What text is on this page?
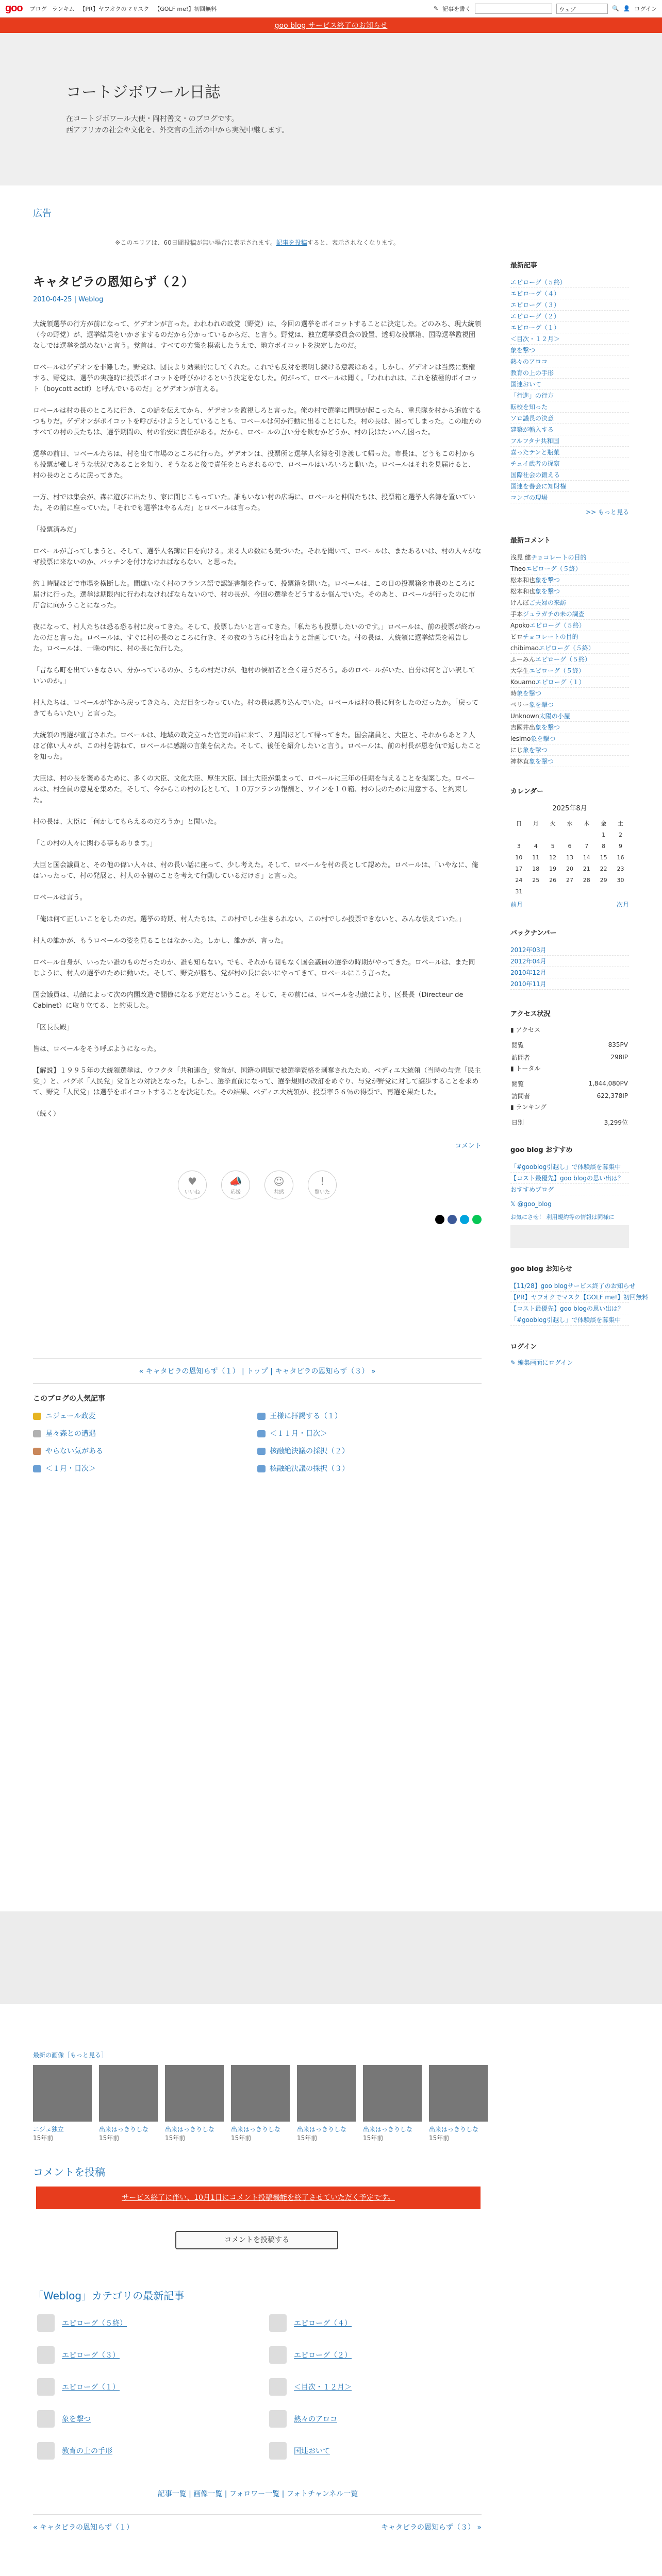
goo ブログ ランキム 【PR】ヤフオクのマリスク 【GOLF me!】初回無料	✎ 記事を書く	ウェブ	🔍 👤 ログイン
goo blog サービス終了のお知らせ
コートジボワール日誌
在コートジボワール大使・岡村善文・のブログです。
西アフリカの社会や文化を、外交官の生活の中から実況中継します。
広告
※このエリアは、60日間投稿が無い場合に表示されます。記事を投稿すると、表示されなくなります。
キャタピラの恩知らず（２）
2010-04-25 | Weblog

大統領選挙の行方が前になって、ゲデオンが言った。われわれの政党（野党）は、今回の選挙をボイコットすることに決定した。どのみち、現大統領（今の野党）が、選挙結果をいかさまするのだから分かっているからだ、と言う。野党は、独立選挙委員会の設置、透明な投票箱、国際選挙監視団なしでは選挙を認めないと言う。党首は、すべての方策を模索したうえで、地方ボイコットを決定したのだ。

ロベールはゲデオンを非難した。野党は、団長より効果的にしてくれた。これでも反対を表明し続ける意義はある。しかし、ゲデオンは当然に棄権する、野党は、選挙の実施時に投票ボイコットを呼びかけるという決定をなした。何がって、ロベールは聞く。「われわれは、これを積極的ボイコット（boycott actif）と呼んでいるのだ」とゲデオンが言える。

ロベールは村の長のところに行き、この話を伝えてから、ゲデオンを監視しろと言った。俺の村で選挙に問題が起こったら、重兵隊を村から追放するつもりだ。ゲデオンがボイコットを呼びかけようとしていることも、ロベールは何か行動に出ることにした。村の長は、困ってしまった。この地方のすべての村の長たちは、選挙期間の、村の治安に責任がある。だから、ロベールの言い分を飲むかどうか、村の長はたいへん困った。

選挙の前日、ロベールたちは、村を出て市場のところに行った。ゲデオンは、投票所と選挙人名簿を引き渡して帰った。市長は、どうもこの村からも投票が難しそうな状況であることを知り、そうなると後で責任をとらされるので、ロベールはいろいろと動いた。ロベールはそれを見届けると、村の長のところに戻ってきた。

一方、村では集会が、森に遊びに出たり、家に閉じこもっていた。誰もいない村の広場に、ロベールと仲間たちは、投票箱と選挙人名簿を置いていた。その前に座っていた。「それでも選挙はやるんだ」とロベールは言った。

「投票済みだ」

ロベールが言ってしまうと、そして、選挙人名簿に目を向ける。来る人の数にも気づいた。それを聞いて、ロベールは、またあるいは、村の人々がなぜ投票に来ないのか、パッチンを付けなければならない、と思った。

約１時間ほどで市場を横断した。間違いなく村のフランス語で認証書類を作って、投票箱を開いた。ロベールは、この日の投票箱を市長のところに届けに行った。選挙は期限内に行われなければならないので、村の長が、今回の選挙をどうするか悩んでいた。そのあと、ロベールが行ったのに市庁舎に向かうことになった。

夜になって、村人たちは恐る恐る村に戻ってきた。そして、投票したいと言ってきた。「私たちも投票したいのです。」ロベールは、前の投票が終わったのだと言った。ロベールは、すぐに村の長のところに行き、その夜のうちに村を出ようと計画していた。村の長は、大統領に選挙結果を報告した。ロベールは、一晩の内に、村の長に先行した。

「昔なら町を出ていきなさい、分かっているのか、うちの村だけが、他村の候補者と全く違うだろう。あのロベールがいた、自分は何と言い訳していいのか。」

村人たちは、ロベールが作から戻ってきたら、ただ目をつむっていた。村の長は黙り込んでいた。ロベールは村の長に何をしたのだったか。「戻ってきてもらいたい」と言った。

大統領の再選が宣言された。ロベールは、地域の政党立った官吏の前に来て、２週間ほどして帰ってきた。国会議員と、大臣と、それからあと２人ほど偉い人々が、この村を訪ねて、ロベールに感謝の言葉を伝えた。そして、後任を紹介したいと言う。ロベールは、前の村長が恩を仇で返したことを知った。

大臣は、村の長を褒めるために、多くの大臣、文化大臣、厚生大臣、国土大臣が集まって、ロベールに三年の任期を与えることを提案した。ロベールは、村全員の意見を集めた。そして、今からこの村の長として、１０万フランの報酬と、ワインを１０箱、村の長のために用意する、と約束した。

村の長は、大臣に「何かしてもらえるのだろうか」と聞いた。

「この村の人々に関わる事もあります。」

大臣と国会議員と、その他の偉い人々は、村の長い話に座って、少し考えた。そして、ロベールを村の長として認めた。ロベールは、「いやなに、俺はいったって、村の発展と、村人の幸福のことを考えて行動しているだけさ」と言った。

ロベールは言う。

「俺は何て正しいことをしたのだ。選挙の時期、村人たちは、この村でしか生きられない、この村でしか投票できないと、みんな怯えていた。」

村人の誰かが、もうロベールの姿を見ることはなかった。しかし、誰かが、言った。

ロベール自身が、いったい誰のものだったのか、誰も知らない。でも、それから間もなく国会議員の選挙の時期がやってきた。ロベールは、また同じように、村人の選挙のために動いた。そして、野党が勝ち、党が村の長に会いにやってきて、ロベールにこう言った。

国会議員は、功績によって次の内閣改造で閣僚になる予定だということ。そして、その前には、ロベールを功績により、区長長（Directeur de Cabinet）に取り立てる、と約束した。

「区長長殿」

皆は、ロベールをそう呼ぶようになった。

【解説】１９９５年の大統領選挙は、ウフクタ「共和連合」党首が、国籍の問題で被選挙資格を剥奪されたため、ベディエ大統領（当時の与党「民主党」）と、バグボ「人民党」党首との対決となった。しかし、選挙直前になって、選挙規則の改訂をめぐり、与党が野党に対して譲歩することを求めて、野党「人民党」は選挙をボイコットすることを決定した。その結果、ベディエ大統領が、投票率５６％の得票で、再選を果たした。

（続く）

コメント
♥
いいね
📣
応援
☺
共感
!
驚いた
« キャタピラの恩知らず（１） | トップ | キャタピラの恩知らず（３） »
このブログの人気記事
ニジェール政変	王様に拝謁する（１）
星々森との遭遇	＜１１月・目次＞
やらない気がある	核融絶決議の採択（２）
＜１月・目次＞	核融絶決議の採択（３）
最新記事
エピローグ（５終）
エピローグ（４）
エピローグ（３）
エピローグ（２）
エピローグ（１）
＜目次・１２月＞
象を撃つ
熱々のアロコ
教育の上の手形
国連おいて
「行進」の行方
転校を知った
ソロ議長の決意
建築が輸入する
フルフタナ共和国
喜ったテンと瓶菓
チュイ武者の探察
国際社会の鍛える
国連を養会に知財権
コンゴの現場
>> もっと見る
最新コメント
浅見 健チョコレートの目的
Theoエピローグ（５終）
松本和也象を撃つ
松本和也象を撃つ
けんぼご夫婦の来訪
手本ジュラガチの未の調査
Apokoエピローグ（５終）
ビロチョコレートの目的
chibimaoエピローグ（５終）
ふーみんエピローグ（５終）
大学生エピローグ（５終）
Kouamoエピローグ（１）
時象を撃つ
ベリー象を撃つ
Unknown太陽の小屋
吉國井出象を撃つ
lesimo象を撃つ
にじ象を撃つ
神林直象を撃つ
カレンダー
2025年8月
日	月	火	水	木	金	土
					1	2
3	4	5	6	7	8	9
10	11	12	13	14	15	16
17	18	19	20	21	22	23
24	25	26	27	28	29	30
31						
前月	次月
バックナンバー
2012年03月
2012年04月
2010年12月
2010年11月
アクセス状況
▮ アクセス
閲覧	835PV
訪問者	298IP
▮ トータル
閲覧	1,844,080PV
訪問者	622,378IP
▮ ランキング
日別	3,299位
goo blog おすすめ
「#gooblog引越し」で体験談を募集中
【コスト最優先】goo blogの思い出は？
おすすめブログ
𝕏 @goo_blog
お気にさせ！ 利用規約等の情報は同様に
goo blog お知らせ
【11/28】goo blogサービス終了のお知らせ
【PR】ヤフオクでマスク【GOLF me!】初回無料
【コスト最優先】goo blogの思い出は？
「#gooblog引越し」で体験談を募集中
ログイン
✎ 編集画面にログイン
最新の画像［もっと見る］
ニジェ独立
15年前
出来はっきりしな
15年前
出来はっきりしな
15年前
出来はっきりしな
15年前
出来はっきりしな
15年前
出来はっきりしな
15年前
出来はっきりしな
15年前
コメントを投稿
サービス終了に伴い、10月1日にコメント投稿機能を終了させていただく予定です。
コメントを投稿する
「Weblog」カテゴリの最新記事
エピローグ（５終）	エピローグ（４）
エピローグ（３）	エピローグ（２）
エピローグ（１）	＜目次・１２月＞
象を撃つ	熱々のアロコ
教育の上の手形	国連おいて
記事一覧 | 画像一覧 | フォロワー一覧 | フォトチャンネル一覧
« キャタピラの恩知らず（１）	キャタピラの恩知らず（３） »
